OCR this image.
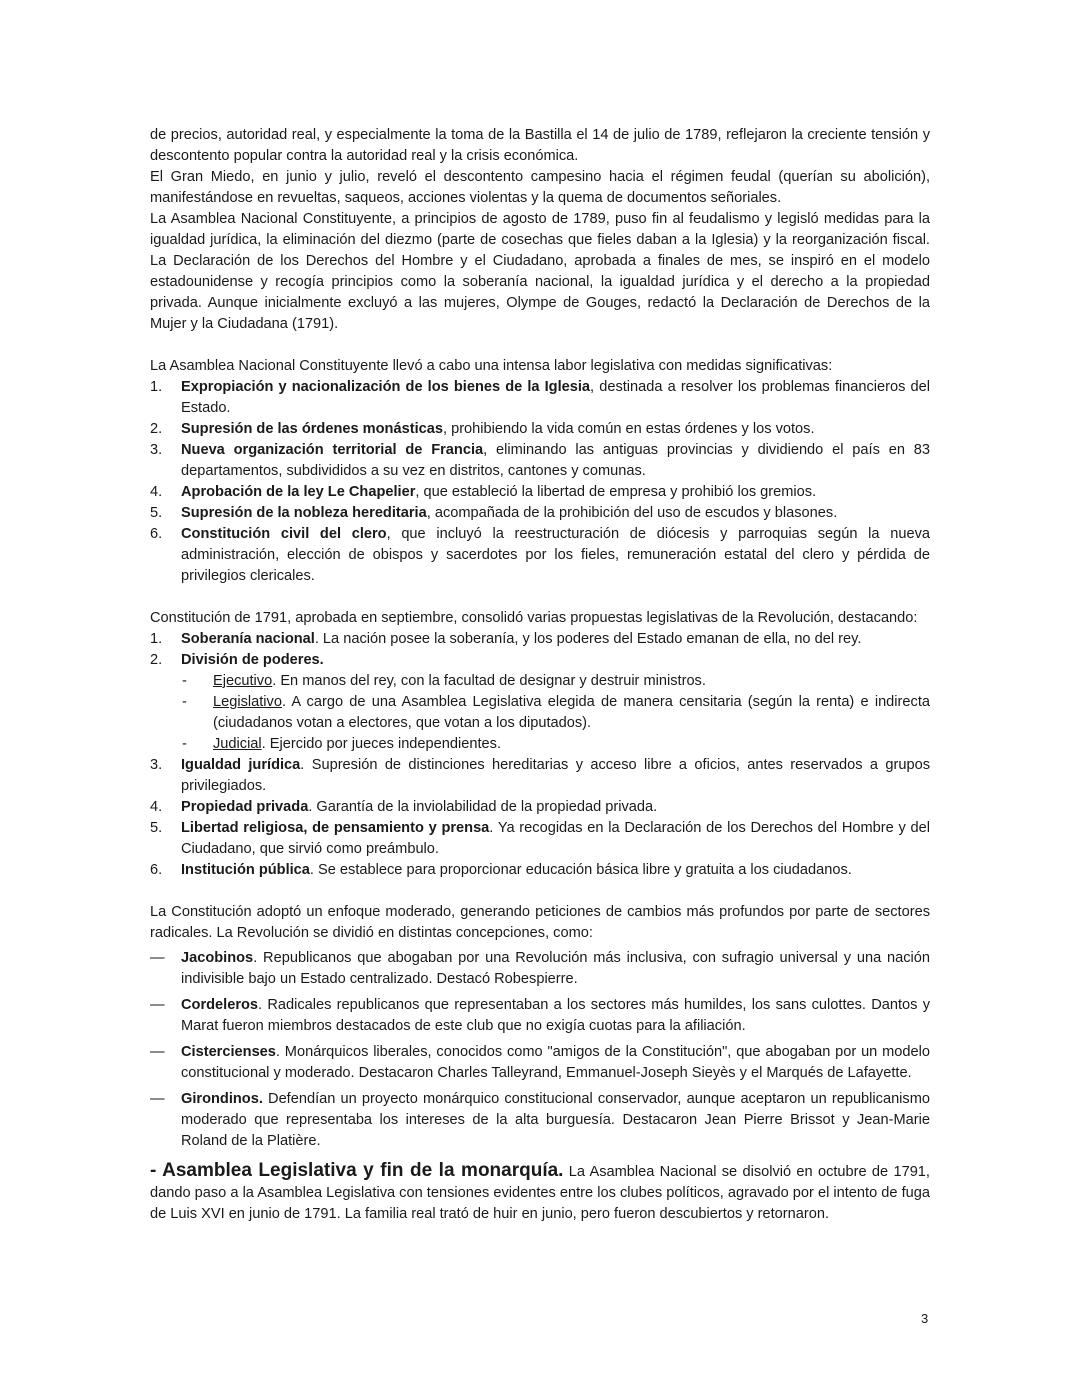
de precios, autoridad real, y especialmente la toma de la Bastilla el 14 de julio de 1789, reflejaron la creciente tensión y descontento popular contra la autoridad real y la crisis económica.

El Gran Miedo, en junio y julio, reveló el descontento campesino hacia el régimen feudal (querían su abolición), manifestándose en revueltas, saqueos, acciones violentas y la quema de documentos señoriales.

La Asamblea Nacional Constituyente, a principios de agosto de 1789, puso fin al feudalismo y legisló medidas para la igualdad jurídica, la eliminación del diezmo (parte de cosechas que fieles daban a la Iglesia) y la reorganización fiscal. La Declaración de los Derechos del Hombre y el Ciudadano, aprobada a finales de mes, se inspiró en el modelo estadounidense y recogía principios como la soberanía nacional, la igualdad jurídica y el derecho a la propiedad privada. Aunque inicialmente excluyó a las mujeres, Olympe de Gouges, redactó la Declaración de Derechos de la Mujer y la Ciudadana (1791).

La Asamblea Nacional Constituyente llevó a cabo una intensa labor legislativa con medidas significativas:

1. Expropiación y nacionalización de los bienes de la Iglesia, destinada a resolver los problemas financieros del Estado.
2. Supresión de las órdenes monásticas, prohibiendo la vida común en estas órdenes y los votos.
3. Nueva organización territorial de Francia, eliminando las antiguas provincias y dividiendo el país en 83 departamentos, subdivididos a su vez en distritos, cantones y comunas.
4. Aprobación de la ley Le Chapelier, que estableció la libertad de empresa y prohibió los gremios.
5. Supresión de la nobleza hereditaria, acompañada de la prohibición del uso de escudos y blasones.
6. Constitución civil del clero, que incluyó la reestructuración de diócesis y parroquias según la nueva administración, elección de obispos y sacerdotes por los fieles, remuneración estatal del clero y pérdida de privilegios clericales.

Constitución de 1791, aprobada en septiembre, consolidó varias propuestas legislativas de la Revolución, destacando:

1. Soberanía nacional. La nación posee la soberanía, y los poderes del Estado emanan de ella, no del rey.
2. División de poderes.
- Ejecutivo. En manos del rey, con la facultad de designar y destruir ministros.
- Legislativo. A cargo de una Asamblea Legislativa elegida de manera censitaria (según la renta) e indirecta (ciudadanos votan a electores, que votan a los diputados).
- Judicial. Ejercido por jueces independientes.
3. Igualdad jurídica. Supresión de distinciones hereditarias y acceso libre a oficios, antes reservados a grupos privilegiados.
4. Propiedad privada. Garantía de la inviolabilidad de la propiedad privada.
5. Libertad religiosa, de pensamiento y prensa. Ya recogidas en la Declaración de los Derechos del Hombre y del Ciudadano, que sirvió como preámbulo.
6. Institución pública. Se establece para proporcionar educación básica libre y gratuita a los ciudadanos.

La Constitución adoptó un enfoque moderado, generando peticiones de cambios más profundos por parte de sectores radicales. La Revolución se dividió en distintas concepciones, como:

— Jacobinos. Republicanos que abogaban por una Revolución más inclusiva, con sufragio universal y una nación indivisible bajo un Estado centralizado. Destacó Robespierre.
— Cordeleros. Radicales republicanos que representaban a los sectores más humildes, los sans culottes. Dantos y Marat fueron miembros destacados de este club que no exigía cuotas para la afiliación.
— Cistercienses. Monárquicos liberales, conocidos como "amigos de la Constitución", que abogaban por un modelo constitucional y moderado. Destacaron Charles Talleyrand, Emmanuel-Joseph Sieyès y el Marqués de Lafayette.
— Girondinos. Defendían un proyecto monárquico constitucional conservador, aunque aceptaron un republicanismo moderado que representaba los intereses de la alta burguesía. Destacaron Jean Pierre Brissot y Jean-Marie Roland de la Platière.

- Asamblea Legislativa y fin de la monarquía. La Asamblea Nacional se disolvió en octubre de 1791, dando paso a la Asamblea Legislativa con tensiones evidentes entre los clubes políticos, agravado por el intento de fuga de Luis XVI en junio de 1791. La familia real trató de huir en junio, pero fueron descubiertos y retornaron.

3
